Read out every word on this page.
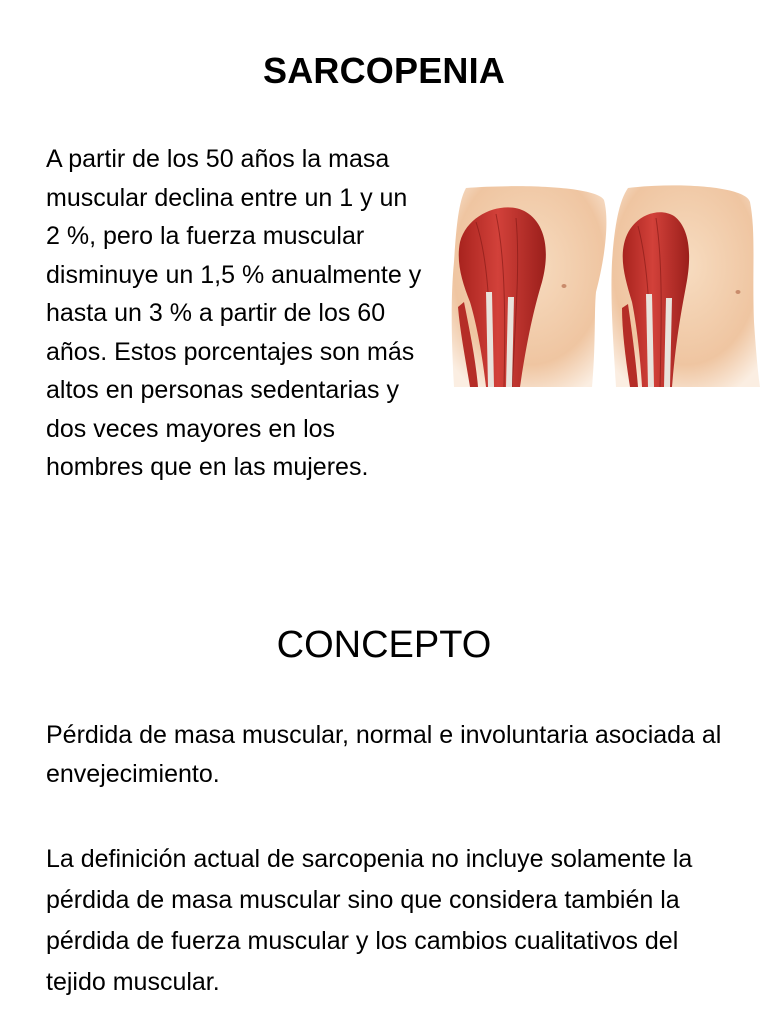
SARCOPENIA

A partir de los 50 años la masa muscular declina entre un 1 y un 2 %, pero la fuerza muscular disminuye un 1,5 % anualmente y hasta un 3 % a partir de los 60 años. Estos porcentajes son más altos en personas sedentarias y dos veces mayores en los hombres que en las mujeres.

CONCEPTO

Pérdida de masa muscular, normal e involuntaria asociada al envejecimiento.

La definición actual de sarcopenia no incluye solamente la pérdida de masa muscular sino que considera también la pérdida de fuerza muscular y los cambios cualitativos del tejido muscular.
